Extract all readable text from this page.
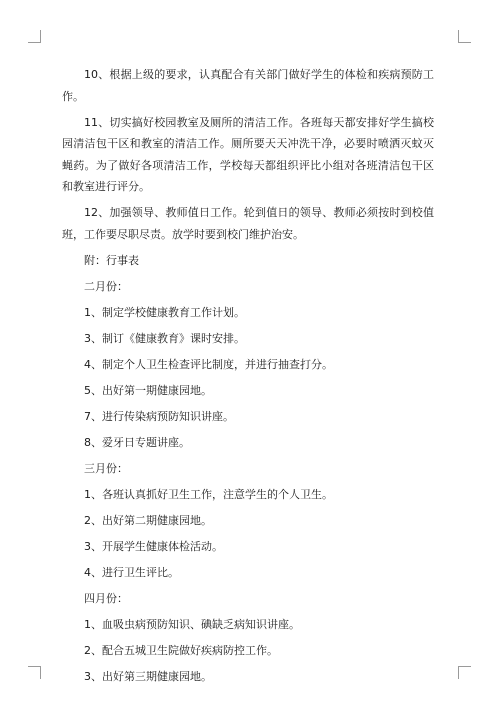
10、根据上级的要求，认真配合有关部门做好学生的体检和疾病预防工作。

11、切实搞好校园教室及厕所的清洁工作。各班每天都安排好学生搞校园清洁包干区和教室的清洁工作。厕所要天天冲洗干净，必要时喷洒灭蚊灭蝇药。为了做好各项清洁工作，学校每天都组织评比小组对各班清洁包干区和教室进行评分。

12、加强领导、教师值日工作。轮到值日的领导、教师必须按时到校值班，工作要尽职尽责。放学时要到校门维护治安。

附：行事表

二月份：

1、制定学校健康教育工作计划。

3、制订《健康教育》课时安排。

4、制定个人卫生检查评比制度，并进行抽查打分。

5、出好第一期健康园地。

7、进行传染病预防知识讲座。

8、爱牙日专题讲座。

三月份：

1、各班认真抓好卫生工作，注意学生的个人卫生。

2、出好第二期健康园地。

3、开展学生健康体检活动。

4、进行卫生评比。

四月份：

1、血吸虫病预防知识、碘缺乏病知识讲座。

2、配合五城卫生院做好疾病防控工作。

3、出好第三期健康园地。
